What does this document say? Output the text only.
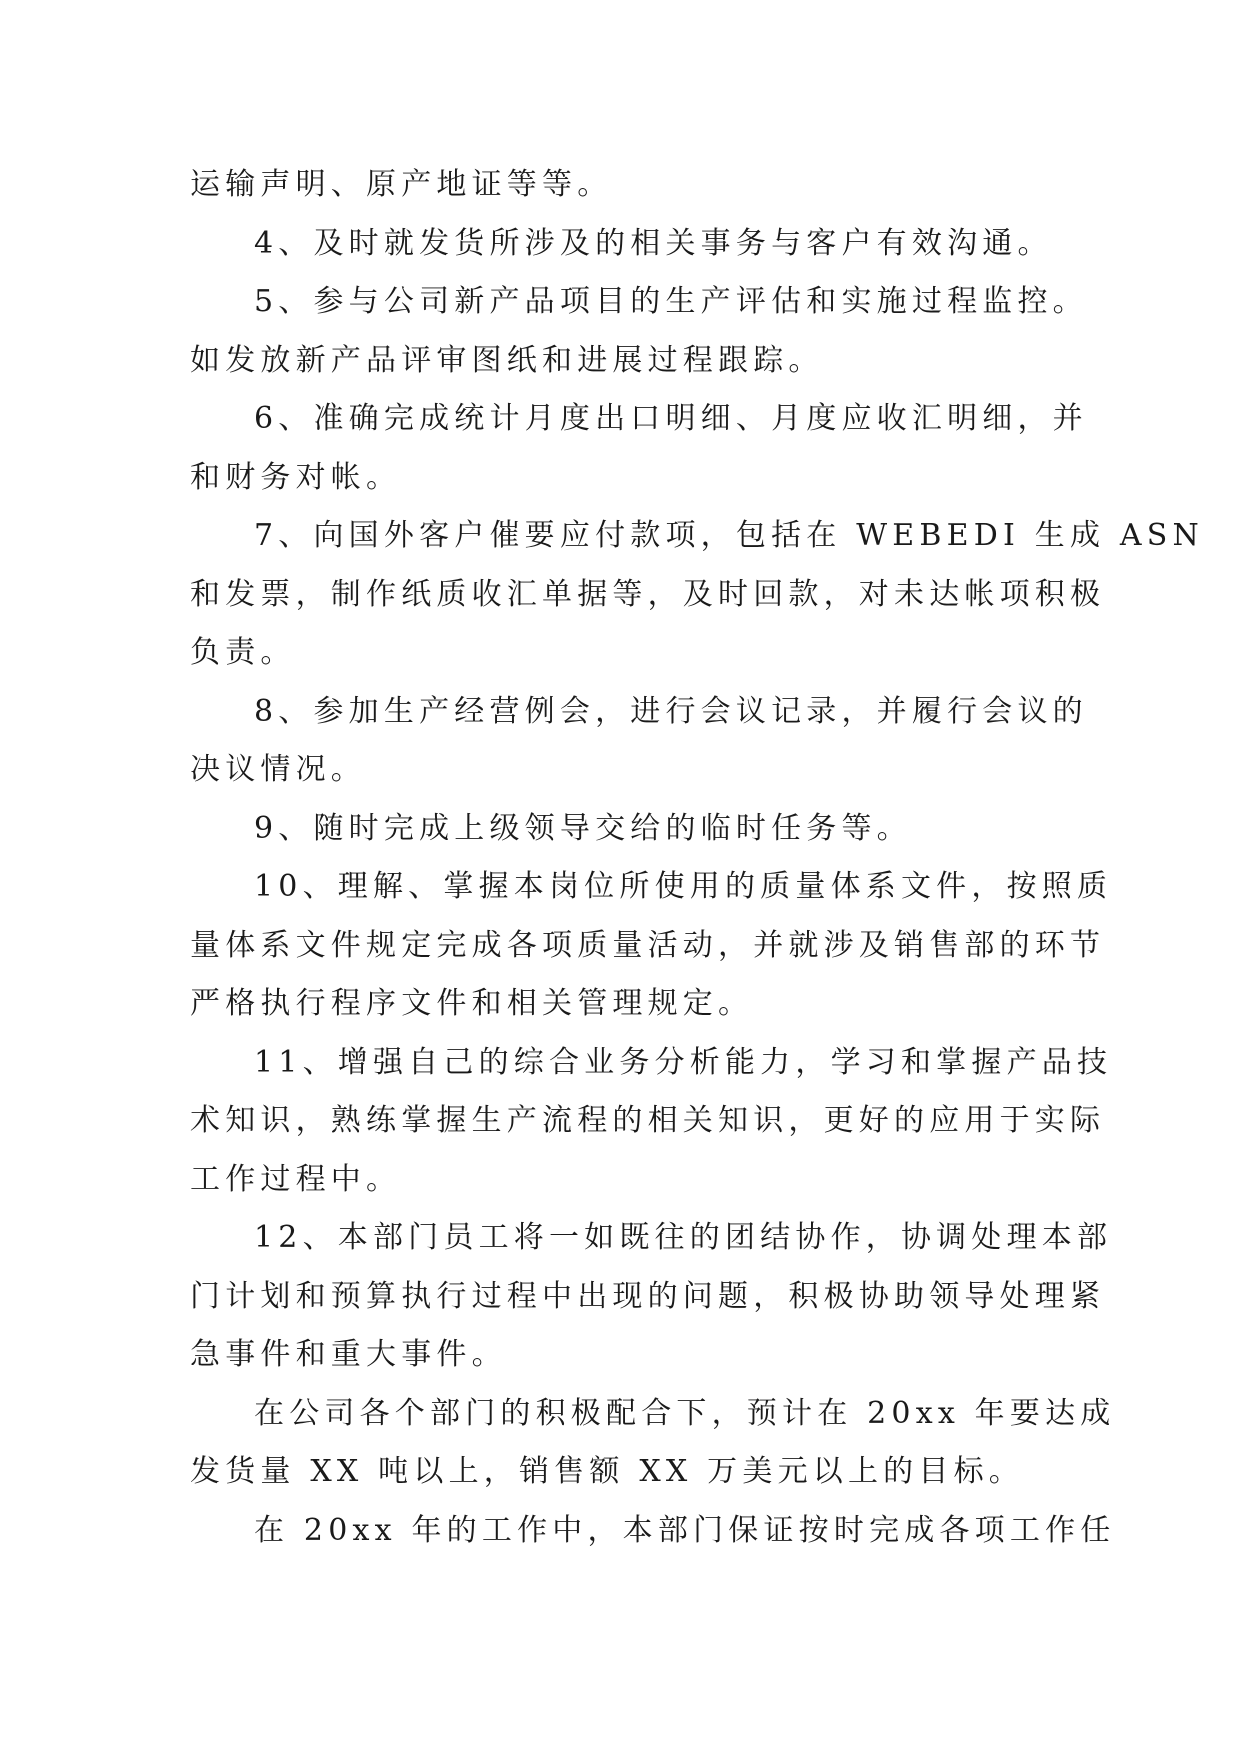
运输声明、原产地证等等。
4、及时就发货所涉及的相关事务与客户有效沟通。
5、参与公司新产品项目的生产评估和实施过程监控。
如发放新产品评审图纸和进展过程跟踪。
6、准确完成统计月度出口明细、月度应收汇明细，并
和财务对帐。
7、向国外客户催要应付款项，包括在 WEBEDI 生成 ASN
和发票，制作纸质收汇单据等，及时回款，对未达帐项积极
负责。
8、参加生产经营例会，进行会议记录，并履行会议的
决议情况。
9、随时完成上级领导交给的临时任务等。
10、理解、掌握本岗位所使用的质量体系文件，按照质
量体系文件规定完成各项质量活动，并就涉及销售部的环节
严格执行程序文件和相关管理规定。
11、增强自己的综合业务分析能力，学习和掌握产品技
术知识，熟练掌握生产流程的相关知识，更好的应用于实际
工作过程中。
12、本部门员工将一如既往的团结协作，协调处理本部
门计划和预算执行过程中出现的问题，积极协助领导处理紧
急事件和重大事件。
在公司各个部门的积极配合下，预计在 20xx 年要达成
发货量 XX 吨以上，销售额 XX 万美元以上的目标。
在 20xx 年的工作中，本部门保证按时完成各项工作任
